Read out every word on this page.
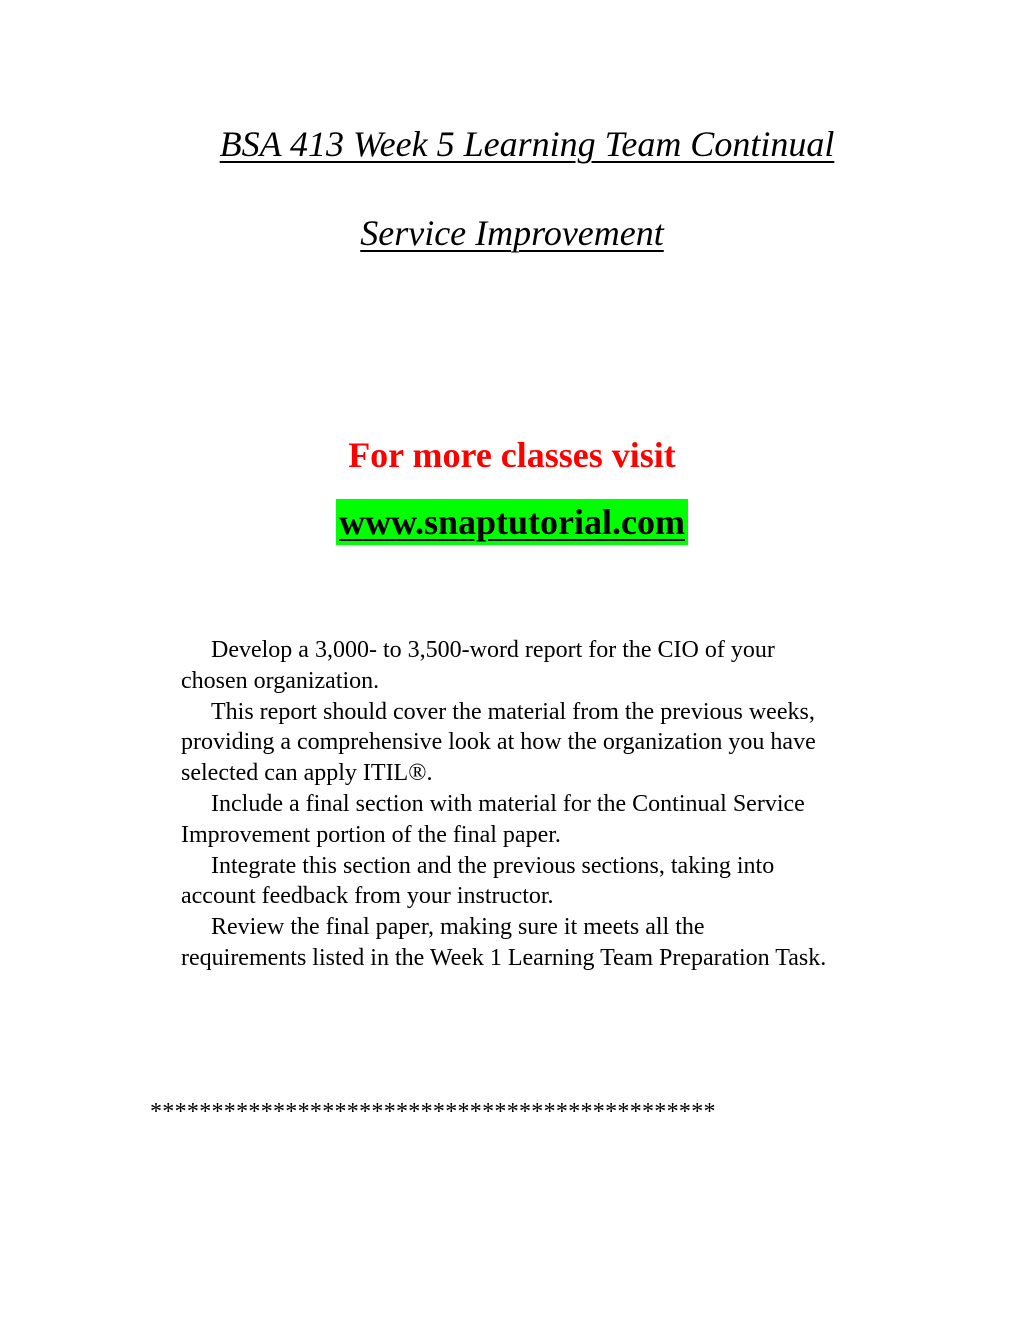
BSA 413 Week 5 Learning Team Continual
Service Improvement
For more classes visit
www.snaptutorial.com

Develop a 3,000- to 3,500-word report for the CIO of your
chosen organization.

This report should cover the material from the previous weeks,
providing a comprehensive look at how the organization you have
selected can apply ITIL®.

Include a final section with material for the Continual Service
Improvement portion of the final paper.

Integrate this section and the previous sections, taking into
account feedback from your instructor.

Review the final paper, making sure it meets all the
requirements listed in the Week 1 Learning Team Preparation Task.

**********************************************
